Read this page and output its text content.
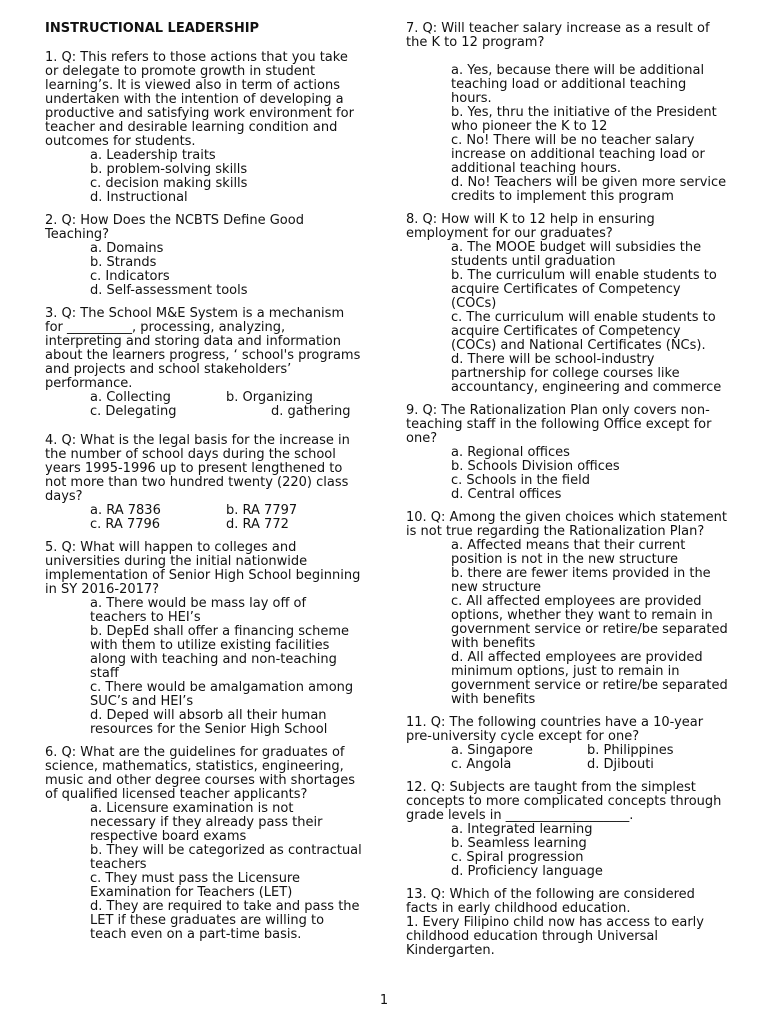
INSTRUCTIONAL LEADERSHIP
1. Q: This refers to those actions that you take or delegate to promote growth in student learning’s. It is viewed also in term of actions undertaken with the intention of developing a productive and satisfying work environment for teacher and desirable learning condition and outcomes for students.
a. Leadership traits
b. problem-solving skills
c. decision making skills
d. Instructional
2. Q: How Does the NCBTS Define Good Teaching?
a. Domains
b. Strands
c. Indicators
d. Self-assessment tools
3. Q: The School M&E System is a mechanism for __________, processing, analyzing, interpreting and storing data and information about the learners progress, ‘ school's programs and projects and school stakeholders’ performance.
a. Collecting	b. Organizing
c. Delegating	d. gathering
4. Q: What is the legal basis for the increase in the number of school days during the school years 1995-1996 up to present lengthened to not more than two hundred twenty (220) class days?
a. RA 7836	b. RA 7797
c. RA 7796	d. RA 772
5. Q: What will happen to colleges and universities during the initial nationwide implementation of Senior High School beginning in SY 2016-2017?
a. There would be mass lay off of teachers to HEI’s
b. DepEd shall offer a financing scheme with them to utilize existing facilities along with teaching and non-teaching staff
c. There would be amalgamation among SUC’s and HEI’s
d. Deped will absorb all their human resources for the Senior High School
6. Q: What are the guidelines for graduates of science, mathematics, statistics, engineering, music and other degree courses with shortages of qualified licensed teacher applicants?
a. Licensure examination is not necessary if they already pass their respective board exams
b. They will be categorized as contractual teachers
c. They must pass the Licensure Examination for Teachers (LET)
d. They are required to take and pass the LET if these graduates are willing to teach even on a part-time basis.
7. Q: Will teacher salary increase as a result of the K to 12 program?
a. Yes, because there will be additional teaching load or additional teaching hours.
b. Yes, thru the initiative of the President who pioneer the K to 12
c. No! There will be no teacher salary increase on additional teaching load or additional teaching hours.
d. No! Teachers will be given more service credits to implement this program
8. Q: How will K to 12 help in ensuring employment for our graduates?
a. The MOOE budget will subsidies the students until graduation
b. The curriculum will enable students to acquire Certificates of Competency (COCs)
c. The curriculum will enable students to acquire Certificates of Competency (COCs) and National Certificates (NCs).
d. There will be school-industry partnership for college courses like accountancy, engineering and commerce
9. Q: The Rationalization Plan only covers non-teaching staff in the following Office except for one?
a. Regional offices
b. Schools Division offices
c. Schools in the field
d. Central offices
10. Q: Among the given choices which statement is not true regarding the Rationalization Plan?
a. Affected means that their current position is not in the new structure
b. there are fewer items provided in the new structure
c. All affected employees are provided options, whether they want to remain in government service or retire/be separated with benefits
d. All affected employees are provided minimum options, just to remain in government service or retire/be separated with benefits
11. Q: The following countries have a 10-year pre-university cycle except for one?
a. Singapore	b. Philippines
c. Angola	d. Djibouti
12. Q: Subjects are taught from the simplest concepts to more complicated concepts through grade levels in ___________________.
a. Integrated learning
b. Seamless learning
c. Spiral progression
d. Proficiency language
13. Q: Which of the following are considered facts in early childhood education.
1. Every Filipino child now has access to early childhood education through Universal Kindergarten.
1
